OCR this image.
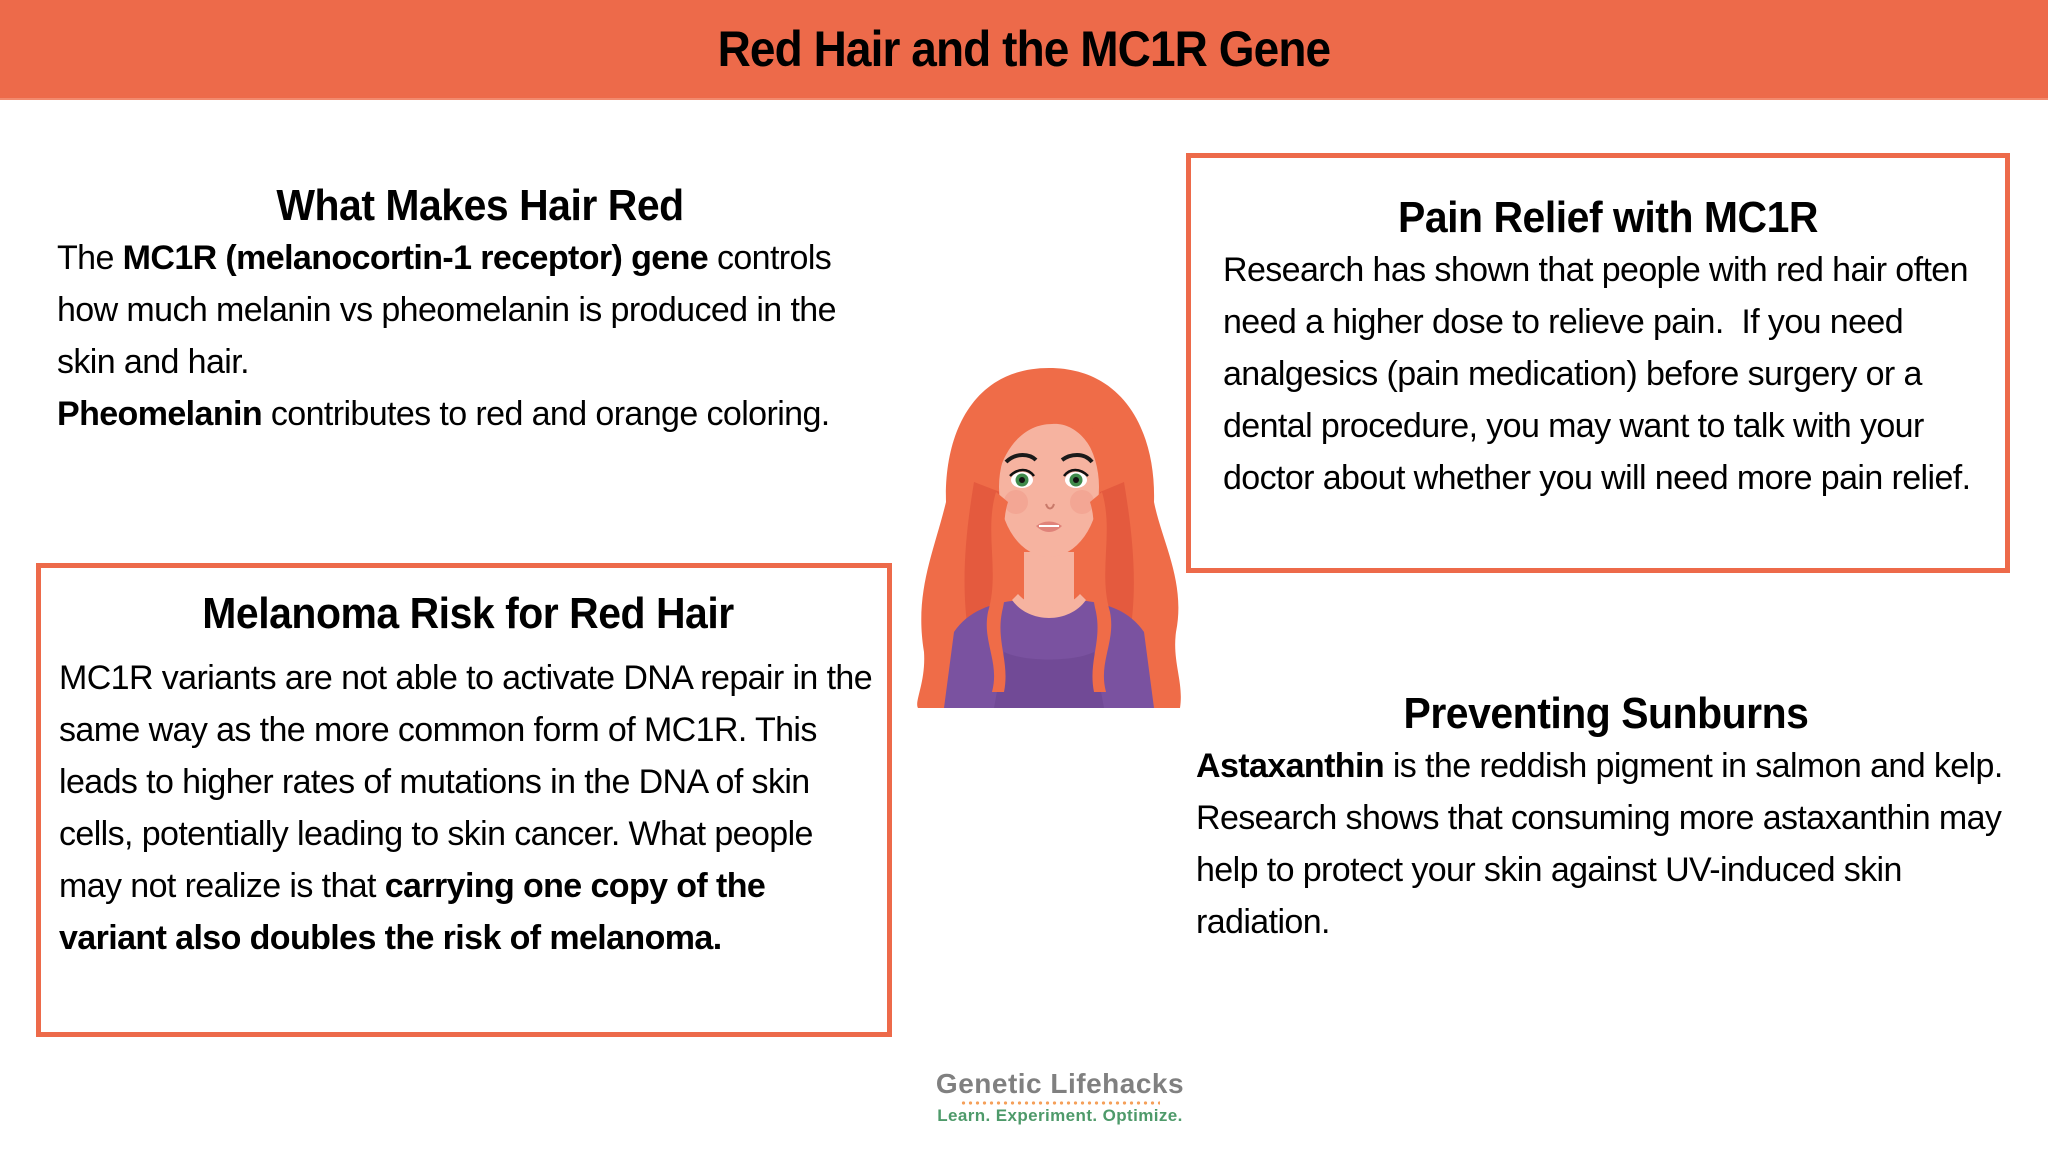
Red Hair and the MC1R Gene
What Makes Hair Red

The MC1R (melanocortin-1 receptor) gene controls how much melanin vs pheomelanin is produced in the skin and hair.
Pheomelanin contributes to red and orange coloring.

Pain Relief with MC1R

Research has shown that people with red hair often need a higher dose to relieve pain.  If you need analgesics (pain medication) before surgery or a dental procedure, you may want to talk with your doctor about whether you will need more pain relief.

Melanoma Risk for Red Hair

MC1R variants are not able to activate DNA repair in the same way as the more common form of MC1R. This leads to higher rates of mutations in the DNA of skin cells, potentially leading to skin cancer. What people may not realize is that carrying one copy of the variant also doubles the risk of melanoma.

Preventing Sunburns

Astaxanthin is the reddish pigment in salmon and kelp. Research shows that consuming more astaxanthin may help to protect your skin against UV-induced skin radiation.

Genetic Lifehacks
Learn. Experiment. Optimize.
